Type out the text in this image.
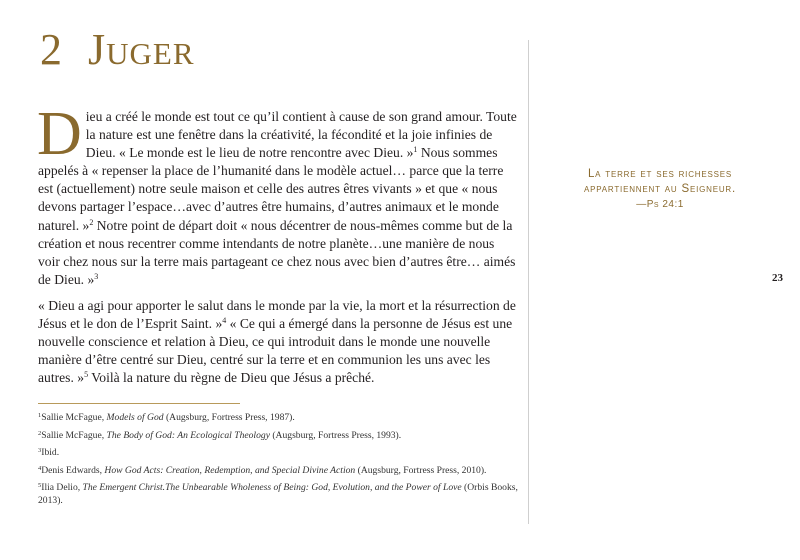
2 Juger

Dieu a créé le monde est tout ce qu’il contient à cause de son grand amour. Toute la nature est une fenêtre dans la créativité, la fécondité et la joie infinies de Dieu. « Le monde est le lieu de notre rencontre avec Dieu. »$^1$ Nous sommes appelés à « repenser la place de l’humanité dans le modèle actuel… parce que la terre est (actuellement) notre seule maison et celle des autres êtres vivants » et que « nous devons partager l’espace…avec d’autres être humains, d’autres animaux et le monde naturel. »$^2$ Notre point de départ doit « nous décentrer de nous-mêmes comme but de la création et nous recentrer comme intendants de notre planète…une manière de nous voir chez nous sur la terre mais partageant ce chez nous avec bien d’autres être… aimés de Dieu. »$^3$

« Dieu a agi pour apporter le salut dans le monde par la vie, la mort et la résurrection de Jésus et le don de l’Esprit Saint. »$^4$ « Ce qui a émergé dans la personne de Jésus est une nouvelle conscience et relation à Dieu, ce qui introduit dans le monde une nouvelle manière d’être centré sur Dieu, centré sur la terre et en communion les uns avec les autres. »$^5$ Voilà la nature du règne de Dieu que Jésus a prêché.

$^1$Sallie McFague, Models of God (Augsburg, Fortress Press, 1987).
$^2$Sallie McFague, The Body of God: An Ecological Theology (Augsburg, Fortress Press, 1993).
$^3$Ibid.
$^4$Denis Edwards, How God Acts: Creation, Redemption, and Special Divine Action (Augsburg, Fortress Press, 2010).
$^5$Ilia Delio, The Emergent Christ.The Unbearable Wholeness of Being: God, Evolution, and the Power of Love (Orbis Books, 2013).

La terre et ses richesses
appartiennent au Seigneur.

—Ps 24:1
23
